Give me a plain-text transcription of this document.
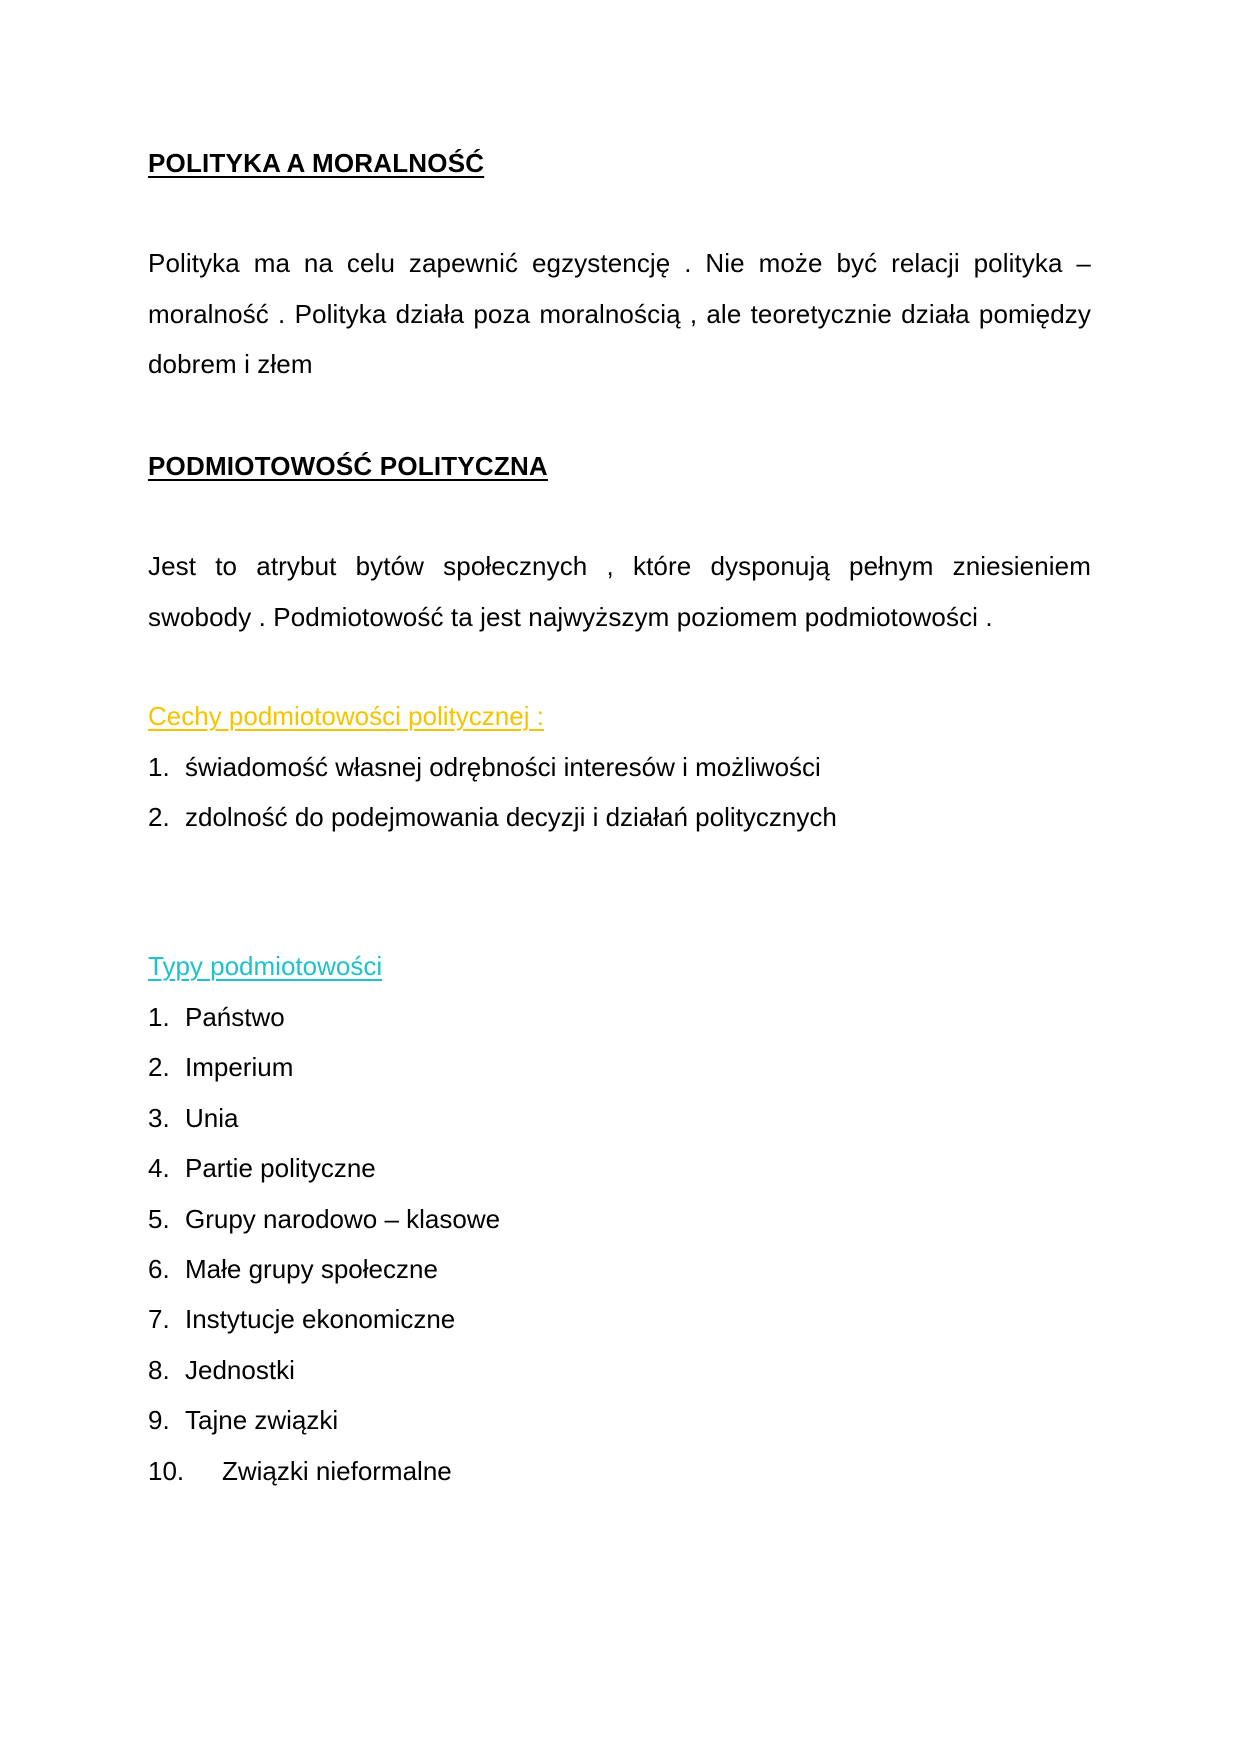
POLITYKA A MORALNOŚĆ
Polityka ma na celu zapewnić egzystencję . Nie może być relacji polityka – moralność . Polityka działa poza moralnością , ale teoretycznie działa pomiędzy dobrem i złem
PODMIOTOWOŚĆ POLITYCZNA
Jest to atrybut bytów społecznych , które dysponują pełnym zniesieniem swobody . Podmiotowość ta jest najwyższym poziomem podmiotowości .
Cechy podmiotowości politycznej :
1. świadomość własnej odrębności interesów i możliwości
2. zdolność do podejmowania decyzji i działań politycznych
Typy podmiotowości
1. Państwo
2. Imperium
3. Unia
4. Partie polityczne
5. Grupy narodowo – klasowe
6. Małe grupy społeczne
7. Instytucje ekonomiczne
8. Jednostki
9. Tajne związki
10. Związki nieformalne
